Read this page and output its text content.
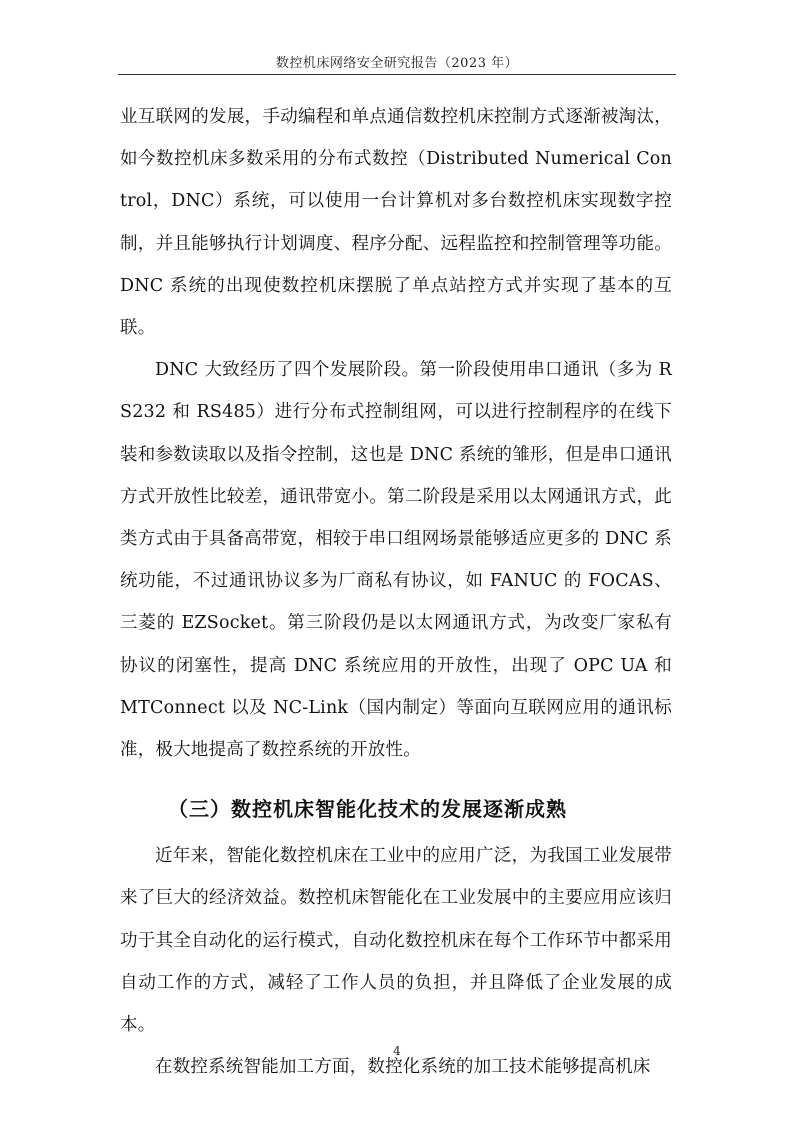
数控机床网络安全研究报告（2023 年）

业互联网的发展，手动编程和单点通信数控机床控制方式逐渐被淘汰，如今数控机床多数采用的分布式数控（Distributed Numerical Control，DNC）系统，可以使用一台计算机对多台数控机床实现数字控制，并且能够执行计划调度、程序分配、远程监控和控制管理等功能。DNC 系统的出现使数控机床摆脱了单点站控方式并实现了基本的互联。

DNC 大致经历了四个发展阶段。第一阶段使用串口通讯（多为 RS232 和 RS485）进行分布式控制组网，可以进行控制程序的在线下装和参数读取以及指令控制，这也是 DNC 系统的雏形，但是串口通讯方式开放性比较差，通讯带宽小。第二阶段是采用以太网通讯方式，此类方式由于具备高带宽，相较于串口组网场景能够适应更多的 DNC 系统功能，不过通讯协议多为厂商私有协议，如 FANUC 的 FOCAS、三菱的 EZSocket。第三阶段仍是以太网通讯方式，为改变厂家私有协议的闭塞性，提高 DNC 系统应用的开放性，出现了 OPC UA 和 MTConnect 以及 NC-Link（国内制定）等面向互联网应用的通讯标准，极大地提高了数控系统的开放性。

（三）数控机床智能化技术的发展逐渐成熟

近年来，智能化数控机床在工业中的应用广泛，为我国工业发展带来了巨大的经济效益。数控机床智能化在工业发展中的主要应用应该归功于其全自动化的运行模式，自动化数控机床在每个工作环节中都采用自动工作的方式，减轻了工作人员的负担，并且降低了企业发展的成本。

在数控系统智能加工方面，数控化系统的加工技术能够提高机床

4
